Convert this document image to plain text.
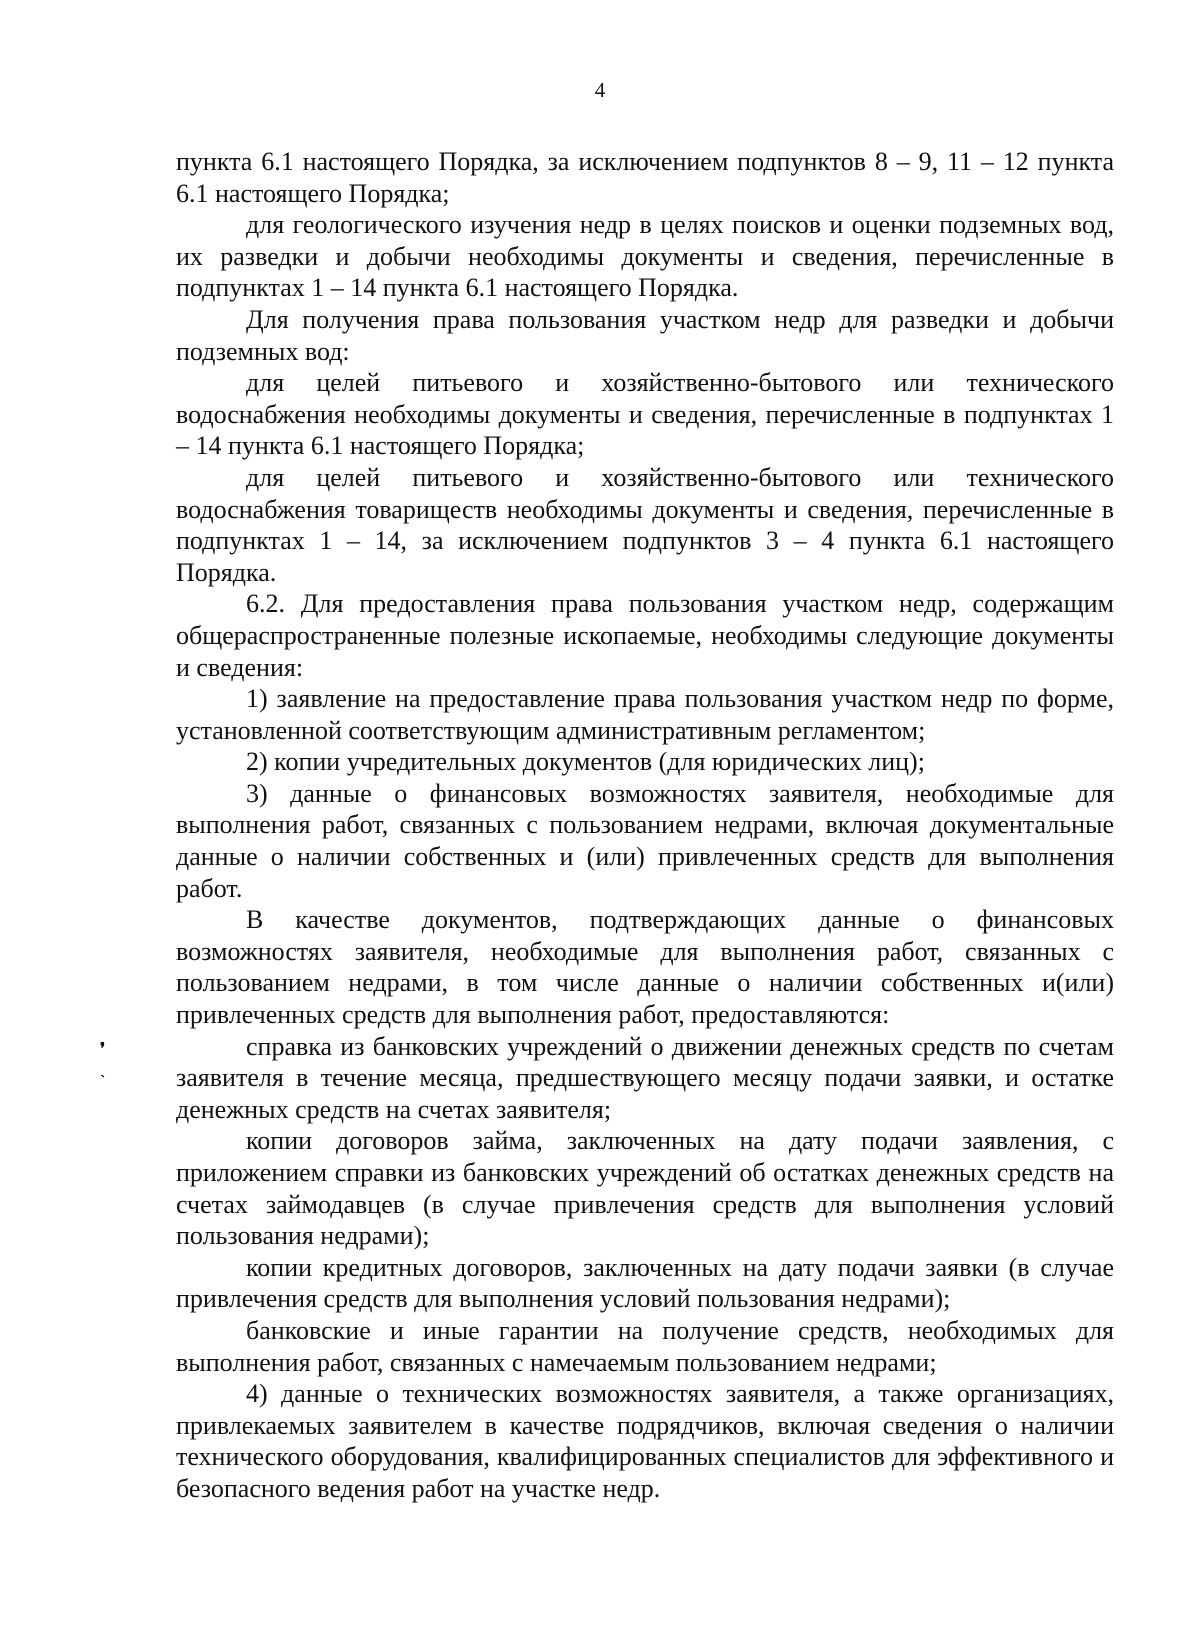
4
❜
ˎ

пункта 6.1 настоящего Порядка, за исключением подпунктов 8 – 9, 11 – 12 пункта 6.1 настоящего Порядка;

для геологического изучения недр в целях поисков и оценки подземных вод, их разведки и добычи необходимы документы и сведения, перечисленные в подпунктах 1 – 14 пункта 6.1 настоящего Порядка.

Для получения права пользования участком недр для разведки и добычи подземных вод:

для целей питьевого и хозяйственно-бытового или технического водоснабжения необходимы документы и сведения, перечисленные в подпунктах 1 – 14 пункта 6.1 настоящего Порядка;

для целей питьевого и хозяйственно-бытового или технического водоснабжения товариществ необходимы документы и сведения, перечисленные в подпунктах 1 – 14, за исключением подпунктов 3 – 4 пункта 6.1 настоящего Порядка.

6.2. Для предоставления права пользования участком недр, содержащим общераспространенные полезные ископаемые, необходимы следующие документы и сведения:

1) заявление на предоставление права пользования участком недр по форме, установленной соответствующим административным регламентом;

2) копии учредительных документов (для юридических лиц);

3) данные о финансовых возможностях заявителя, необходимые для выполнения работ, связанных с пользованием недрами, включая документальные данные о наличии собственных и (или) привлеченных средств для выполнения работ.

В качестве документов, подтверждающих данные о финансовых возможностях заявителя, необходимые для выполнения работ, связанных с пользованием недрами, в том числе данные о наличии собственных и(или) привлеченных средств для выполнения работ, предоставляются:

справка из банковских учреждений о движении денежных средств по счетам заявителя в течение месяца, предшествующего месяцу подачи заявки, и остатке денежных средств на счетах заявителя;

копии договоров займа, заключенных на дату подачи заявления, с приложением справки из банковских учреждений об остатках денежных средств на счетах займодавцев (в случае привлечения средств для выполнения условий пользования недрами);

копии кредитных договоров, заключенных на дату подачи заявки (в случае привлечения средств для выполнения условий пользования недрами);

банковские и иные гарантии на получение средств, необходимых для выполнения работ, связанных с намечаемым пользованием недрами;

4) данные о технических возможностях заявителя, а также организациях, привлекаемых заявителем в качестве подрядчиков, включая сведения о наличии технического оборудования, квалифицированных специалистов для эффективного и безопасного ведения работ на участке недр.
